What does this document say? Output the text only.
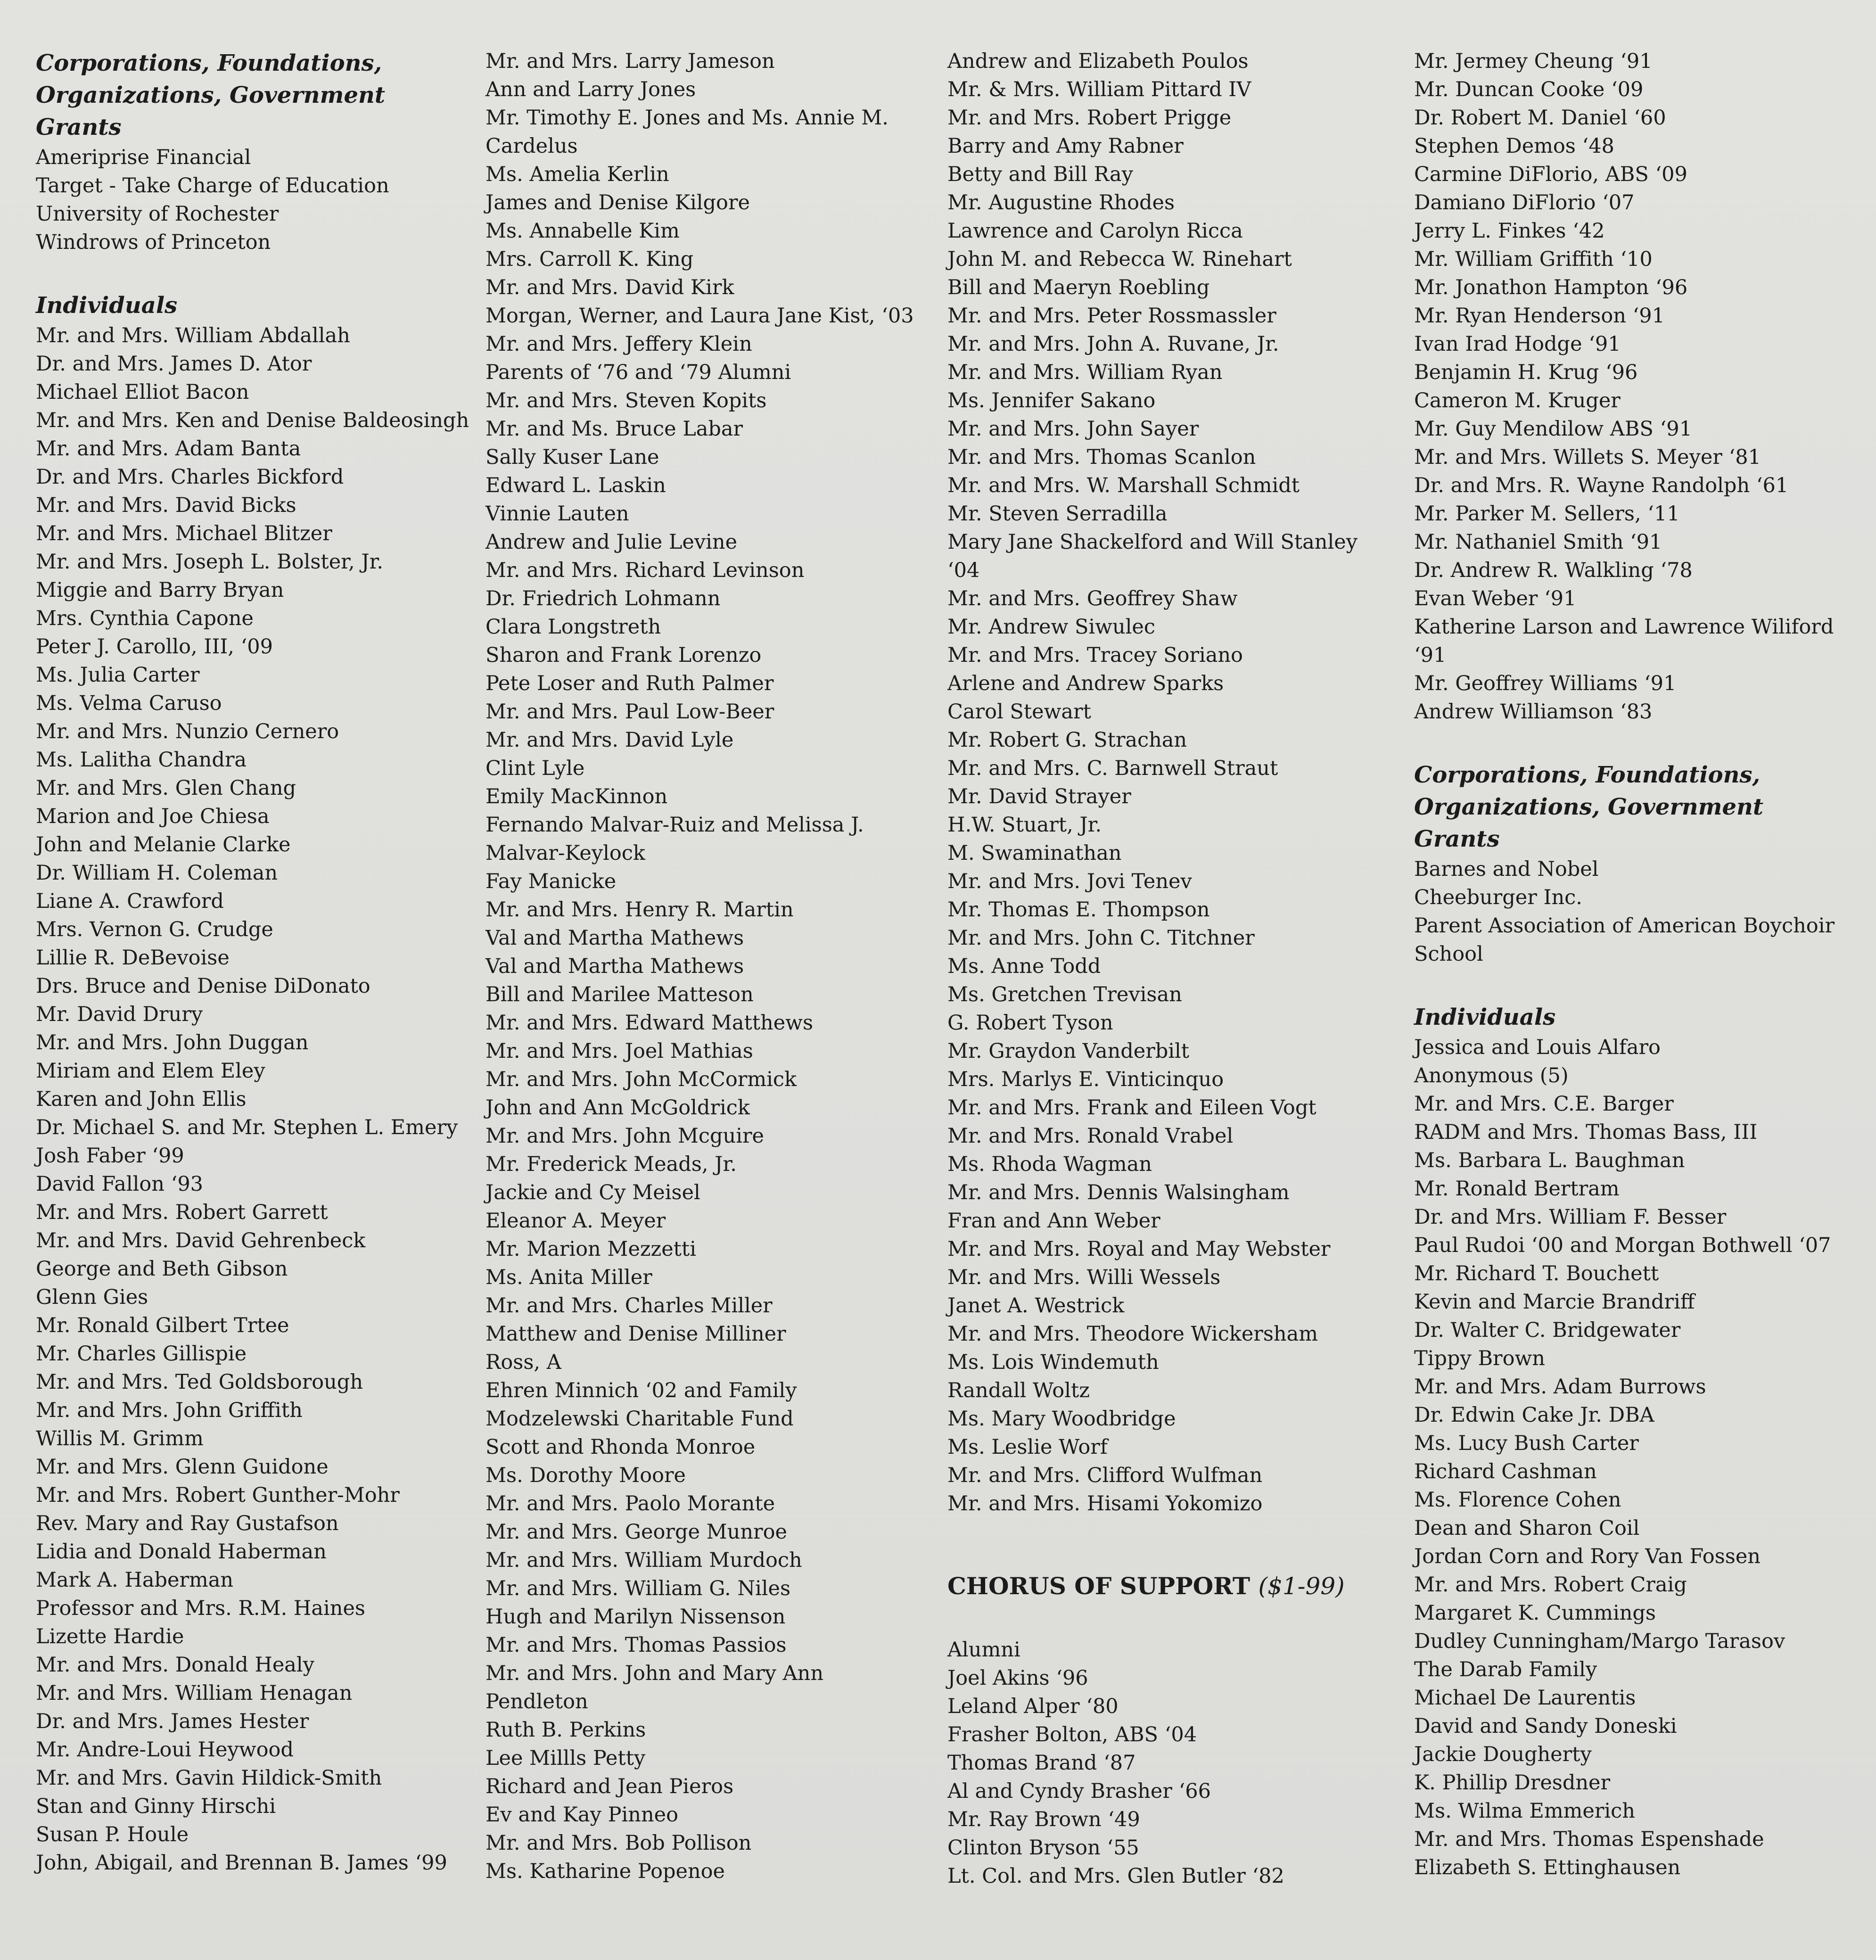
Corporations, Foundations,
Organizations, Government
Grants
Ameriprise Financial
Target - Take Charge of Education
University of Rochester
Windrows of Princeton
Individuals
Mr. and Mrs. William Abdallah
Dr. and Mrs. James D. Ator
Michael Elliot Bacon
Mr. and Mrs. Ken and Denise Baldeosingh
Mr. and Mrs. Adam Banta
Dr. and Mrs. Charles Bickford
Mr. and Mrs. David Bicks
Mr. and Mrs. Michael Blitzer
Mr. and Mrs. Joseph L. Bolster, Jr.
Miggie and Barry Bryan
Mrs. Cynthia Capone
Peter J. Carollo, III, ‘09
Ms. Julia Carter
Ms. Velma Caruso
Mr. and Mrs. Nunzio Cernero
Ms. Lalitha Chandra
Mr. and Mrs. Glen Chang
Marion and Joe Chiesa
John and Melanie Clarke
Dr. William H. Coleman
Liane A. Crawford
Mrs. Vernon G. Crudge
Lillie R. DeBevoise
Drs. Bruce and Denise DiDonato
Mr. David Drury
Mr. and Mrs. John Duggan
Miriam and Elem Eley
Karen and John Ellis
Dr. Michael S. and Mr. Stephen L. Emery
Josh Faber ‘99
David Fallon ‘93
Mr. and Mrs. Robert Garrett
Mr. and Mrs. David Gehrenbeck
George and Beth Gibson
Glenn Gies
Mr. Ronald Gilbert Trtee
Mr. Charles Gillispie
Mr. and Mrs. Ted Goldsborough
Mr. and Mrs. John Griffith
Willis M. Grimm
Mr. and Mrs. Glenn Guidone
Mr. and Mrs. Robert Gunther-Mohr
Rev. Mary and Ray Gustafson
Lidia and Donald Haberman
Mark A. Haberman
Professor and Mrs. R.M. Haines
Lizette Hardie
Mr. and Mrs. Donald Healy
Mr. and Mrs. William Henagan
Dr. and Mrs. James Hester
Mr. Andre-Loui Heywood
Mr. and Mrs. Gavin Hildick-Smith
Stan and Ginny Hirschi
Susan P. Houle
John, Abigail, and Brennan B. James ‘99
Mr. and Mrs. Larry Jameson
Ann and Larry Jones
Mr. Timothy E. Jones and Ms. Annie M.
Cardelus
Ms. Amelia Kerlin
James and Denise Kilgore
Ms. Annabelle Kim
Mrs. Carroll K. King
Mr. and Mrs. David Kirk
Morgan, Werner, and Laura Jane Kist, ‘03
Mr. and Mrs. Jeffery Klein
Parents of ‘76 and ‘79 Alumni
Mr. and Mrs. Steven Kopits
Mr. and Ms. Bruce Labar
Sally Kuser Lane
Edward L. Laskin
Vinnie Lauten
Andrew and Julie Levine
Mr. and Mrs. Richard Levinson
Dr. Friedrich Lohmann
Clara Longstreth
Sharon and Frank Lorenzo
Pete Loser and Ruth Palmer
Mr. and Mrs. Paul Low-Beer
Mr. and Mrs. David Lyle
Clint Lyle
Emily MacKinnon
Fernando Malvar-Ruiz and Melissa J.
Malvar-Keylock
Fay Manicke
Mr. and Mrs. Henry R. Martin
Val and Martha Mathews
Val and Martha Mathews
Bill and Marilee Matteson
Mr. and Mrs. Edward Matthews
Mr. and Mrs. Joel Mathias
Mr. and Mrs. John McCormick
John and Ann McGoldrick
Mr. and Mrs. John Mcguire
Mr. Frederick Meads, Jr.
Jackie and Cy Meisel
Eleanor A. Meyer
Mr. Marion Mezzetti
Ms. Anita Miller
Mr. and Mrs. Charles Miller
Matthew and Denise Milliner
Ross, A
Ehren Minnich ‘02 and Family
Modzelewski Charitable Fund
Scott and Rhonda Monroe
Ms. Dorothy Moore
Mr. and Mrs. Paolo Morante
Mr. and Mrs. George Munroe
Mr. and Mrs. William Murdoch
Mr. and Mrs. William G. Niles
Hugh and Marilyn Nissenson
Mr. and Mrs. Thomas Passios
Mr. and Mrs. John and Mary Ann
Pendleton
Ruth B. Perkins
Lee Millls Petty
Richard and Jean Pieros
Ev and Kay Pinneo
Mr. and Mrs. Bob Pollison
Ms. Katharine Popenoe
Andrew and Elizabeth Poulos
Mr. & Mrs. William Pittard IV
Mr. and Mrs. Robert Prigge
Barry and Amy Rabner
Betty and Bill Ray
Mr. Augustine Rhodes
Lawrence and Carolyn Ricca
John M. and Rebecca W. Rinehart
Bill and Maeryn Roebling
Mr. and Mrs. Peter Rossmassler
Mr. and Mrs. John A. Ruvane, Jr.
Mr. and Mrs. William Ryan
Ms. Jennifer Sakano
Mr. and Mrs. John Sayer
Mr. and Mrs. Thomas Scanlon
Mr. and Mrs. W. Marshall Schmidt
Mr. Steven Serradilla
Mary Jane Shackelford and Will Stanley
‘04
Mr. and Mrs. Geoffrey Shaw
Mr. Andrew Siwulec
Mr. and Mrs. Tracey Soriano
Arlene and Andrew Sparks
Carol Stewart
Mr. Robert G. Strachan
Mr. and Mrs. C. Barnwell Straut
Mr. David Strayer
H.W. Stuart, Jr.
M. Swaminathan
Mr. and Mrs. Jovi Tenev
Mr. Thomas E. Thompson
Mr. and Mrs. John C. Titchner
Ms. Anne Todd
Ms. Gretchen Trevisan
G. Robert Tyson
Mr. Graydon Vanderbilt
Mrs. Marlys E. Vinticinquo
Mr. and Mrs. Frank and Eileen Vogt
Mr. and Mrs. Ronald Vrabel
Ms. Rhoda Wagman
Mr. and Mrs. Dennis Walsingham
Fran and Ann Weber
Mr. and Mrs. Royal and May Webster
Mr. and Mrs. Willi Wessels
Janet A. Westrick
Mr. and Mrs. Theodore Wickersham
Ms. Lois Windemuth
Randall Woltz
Ms. Mary Woodbridge
Ms. Leslie Worf
Mr. and Mrs. Clifford Wulfman
Mr. and Mrs. Hisami Yokomizo
CHORUS OF SUPPORT ($1-99)
Alumni
Joel Akins ‘96
Leland Alper ‘80
Frasher Bolton, ABS ‘04
Thomas Brand ‘87
Al and Cyndy Brasher ‘66
Mr. Ray Brown ‘49
Clinton Bryson ‘55
Lt. Col. and Mrs. Glen Butler ‘82
Mr. Jermey Cheung ‘91
Mr. Duncan Cooke ‘09
Dr. Robert M. Daniel ‘60
Stephen Demos ‘48
Carmine DiFlorio, ABS ‘09
Damiano DiFlorio ‘07
Jerry L. Finkes ‘42
Mr. William Griffith ‘10
Mr. Jonathon Hampton ‘96
Mr. Ryan Henderson ‘91
Ivan Irad Hodge ‘91
Benjamin H. Krug ‘96
Cameron M. Kruger
Mr. Guy Mendilow ABS ‘91
Mr. and Mrs. Willets S. Meyer ‘81
Dr. and Mrs. R. Wayne Randolph ‘61
Mr. Parker M. Sellers, ‘11
Mr. Nathaniel Smith ‘91
Dr. Andrew R. Walkling ‘78
Evan Weber ‘91
Katherine Larson and Lawrence Wiliford
‘91
Mr. Geoffrey Williams ‘91
Andrew Williamson ‘83
Corporations, Foundations,
Organizations, Government
Grants
Barnes and Nobel
Cheeburger Inc.
Parent Association of American Boychoir
School
Individuals
Jessica and Louis Alfaro
Anonymous (5)
Mr. and Mrs. C.E. Barger
RADM and Mrs. Thomas Bass, III
Ms. Barbara L. Baughman
Mr. Ronald Bertram
Dr. and Mrs. William F. Besser
Paul Rudoi ‘00 and Morgan Bothwell ‘07
Mr. Richard T. Bouchett
Kevin and Marcie Brandriff
Dr. Walter C. Bridgewater
Tippy Brown
Mr. and Mrs. Adam Burrows
Dr. Edwin Cake Jr. DBA
Ms. Lucy Bush Carter
Richard Cashman
Ms. Florence Cohen
Dean and Sharon Coil
Jordan Corn and Rory Van Fossen
Mr. and Mrs. Robert Craig
Margaret K. Cummings
Dudley Cunningham/Margo Tarasov
The Darab Family
Michael De Laurentis
David and Sandy Doneski
Jackie Dougherty
K. Phillip Dresdner
Ms. Wilma Emmerich
Mr. and Mrs. Thomas Espenshade
Elizabeth S. Ettinghausen
